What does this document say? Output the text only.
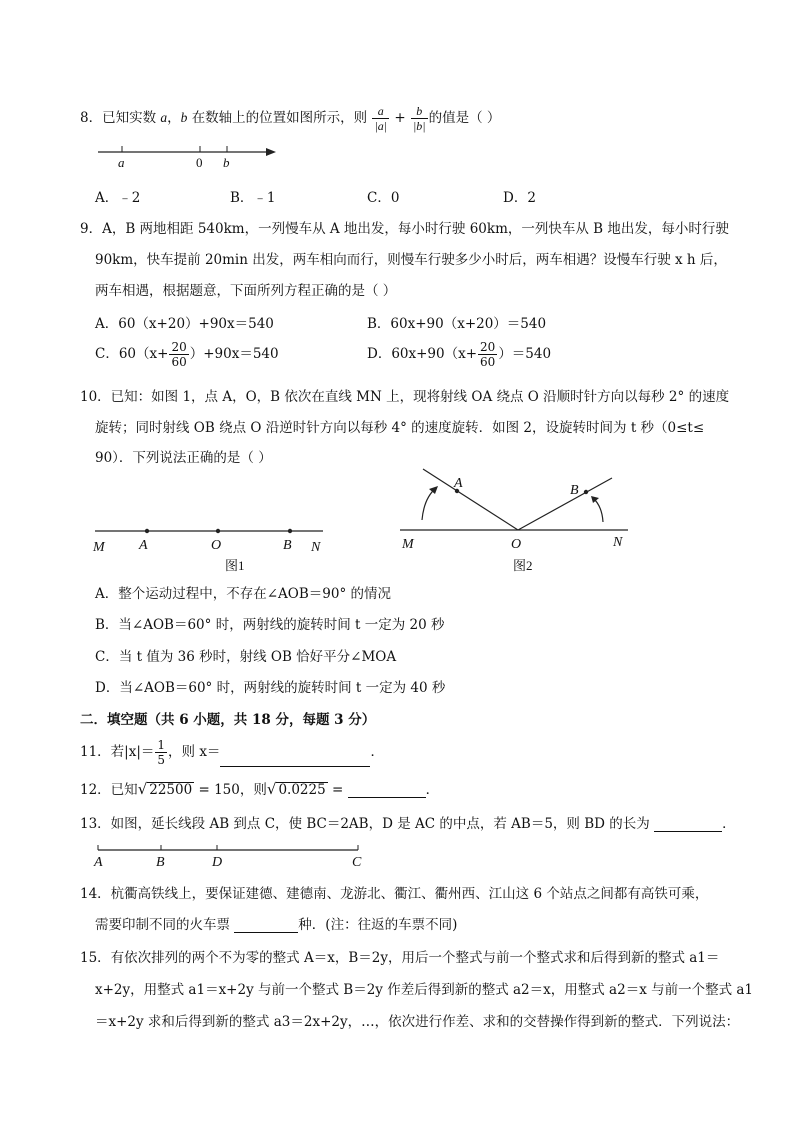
8．已知实数 a，b 在数轴上的位置如图所示，则 $\frac{a}{|a|} + \frac{b}{|b|}$ 的值是（ ）
a	0 b
A．﹣2	B．﹣1	C．0	D．2
9．A，B 两地相距 540km，一列慢车从 A 地出发，每小时行驶 60km，一列快车从 B 地出发，每小时行驶
90km，快车提前 20min 出发，两车相向而行，则慢车行驶多少小时后，两车相遇？设慢车行驶 x h 后，
两车相遇，根据题意，下面所列方程正确的是（ ）
A．60（x+20）+90x＝540	B．60x+90（x+20）＝540
C．$60(x+ \frac{20}{60} )+90x=540$	D．$60x+90(x+ \frac{20}{60} )=540$
10．已知：如图 1，点 A，O，B 依次在直线 MN 上，现将射线 OA 绕点 O 沿顺时针方向以每秒 2° 的速度
旋转；同时射线 OB 绕点 O 沿逆时针方向以每秒 4° 的速度旋转．如图 2，设旋转时间为 t 秒（0≤t≤
90）．下列说法正确的是（ ）
M A	O	B N
图1
A	B
M	O	N
图2
A．整个运动过程中，不存在∠AOB＝90° 的情况
B．当∠AOB＝60° 时，两射线的旋转时间 t 一定为 20 秒
C．当 t 值为 36 秒时，射线 OB 恰好平分∠MOA
D．当∠AOB＝60° 时，两射线的旋转时间 t 一定为 40 秒
二．填空题（共 6 小题，共 18 分，每题 3 分）
11．若$|x|= \frac{1}{5}$ ，则 x＝	．
12．已知√ 22500 = 150，则√ 0.0225 =	．
13．如图，延长线段 AB 到点 C，使 BC＝2AB，D 是 AC 的中点，若 AB＝5，则 BD 的长为	．
A	B	D	C
14．杭衢高铁线上，要保证建德、建德南、龙游北、衢江、衢州西、江山这 6 个站点之间都有高铁可乘，
需要印制不同的火车票	种．(注：往返的车票不同)
15．有依次排列的两个不为零的整式 A＝x，B＝2y，用后一个整式与前一个整式求和后得到新的整式 a1＝
x+2y，用整式 a1＝x+2y 与前一个整式 B＝2y 作差后得到新的整式 a2＝x，用整式 a2＝x 与前一个整式 a1
＝x+2y 求和后得到新的整式 a3＝2x+2y，…，依次进行作差、求和的交替操作得到新的整式．下列说法：
